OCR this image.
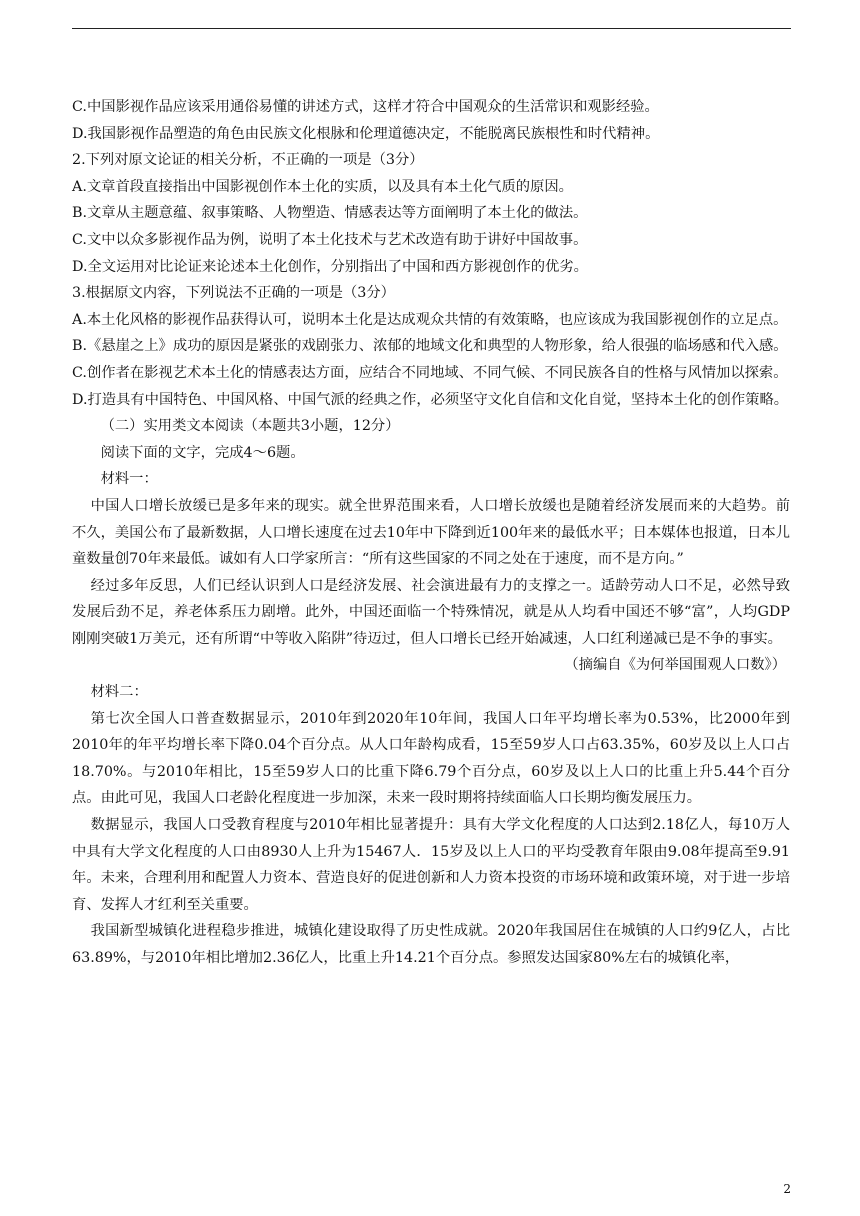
C.中国影视作品应该采用通俗易懂的讲述方式，这样才符合中国观众的生活常识和观影经验。

D.我国影视作品塑造的角色由民族文化根脉和伦理道德决定，不能脱离民族根性和时代精神。

2.下列对原文论证的相关分析，不正确的一项是（3分）

A.文章首段直接指出中国影视创作本土化的实质，以及具有本土化气质的原因。

B.文章从主题意蕴、叙事策略、人物塑造、情感表达等方面阐明了本土化的做法。

C.文中以众多影视作品为例，说明了本土化技术与艺术改造有助于讲好中国故事。

D.全文运用对比论证来论述本土化创作，分别指出了中国和西方影视创作的优劣。

3.根据原文内容，下列说法不正确的一项是（3分）

A.本土化风格的影视作品获得认可，说明本土化是达成观众共情的有效策略，也应该成为我国影视创作的立足点。

B.《悬崖之上》成功的原因是紧张的戏剧张力、浓郁的地域文化和典型的人物形象，给人很强的临场感和代入感。

C.创作者在影视艺术本土化的情感表达方面，应结合不同地域、不同气候、不同民族各自的性格与风情加以探索。

D.打造具有中国特色、中国风格、中国气派的经典之作，必须坚守文化自信和文化自觉，坚持本土化的创作策略。

（二）实用类文本阅读（本题共3小题，12分）

阅读下面的文字，完成4～6题。

材料一：

中国人口增长放缓已是多年来的现实。就全世界范围来看，人口增长放缓也是随着经济发展而来的大趋势。前不久，美国公布了最新数据，人口增长速度在过去10年中下降到近100年来的最低水平；日本媒体也报道，日本儿童数量创70年来最低。诚如有人口学家所言：“所有这些国家的不同之处在于速度，而不是方向。”

经过多年反思，人们已经认识到人口是经济发展、社会演进最有力的支撑之一。适龄劳动人口不足，必然导致发展后劲不足，养老体系压力剧增。此外，中国还面临一个特殊情况，就是从人均看中国还不够“富”，人均GDP刚刚突破1万美元，还有所谓“中等收入陷阱”待迈过，但人口增长已经开始减速，人口红利递减已是不争的事实。

（摘编自《为何举国围观人口数》）

材料二：

第七次全国人口普查数据显示，2010年到2020年10年间，我国人口年平均增长率为0.53%，比2000年到2010年的年平均增长率下降0.04个百分点。从人口年龄构成看，15至59岁人口占63.35%，60岁及以上人口占18.70%。与2010年相比，15至59岁人口的比重下降6.79个百分点，60岁及以上人口的比重上升5.44个百分点。由此可见，我国人口老龄化程度进一步加深，未来一段时期将持续面临人口长期均衡发展压力。

数据显示，我国人口受教育程度与2010年相比显著提升：具有大学文化程度的人口达到2.18亿人，每10万人中具有大学文化程度的人口由8930人上升为15467人．15岁及以上人口的平均受教育年限由9.08年提高至9.91年。未来，合理利用和配置人力资本、营造良好的促进创新和人力资本投资的市场环境和政策环境，对于进一步培育、发挥人才红利至关重要。

我国新型城镇化进程稳步推进，城镇化建设取得了历史性成就。2020年我国居住在城镇的人口约9亿人，占比63.89%，与2010年相比增加2.36亿人，比重上升14.21个百分点。参照发达国家80%左右的城镇化率，

2
